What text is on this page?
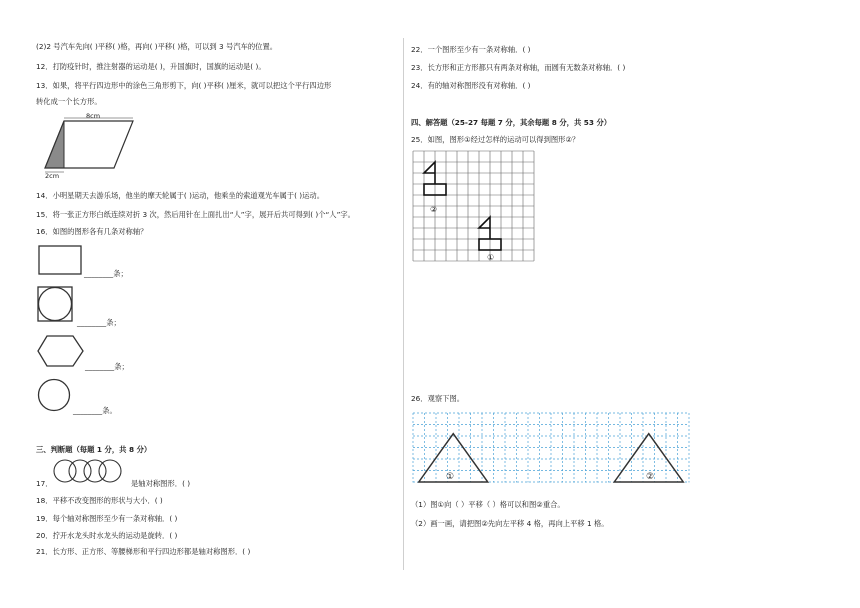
(2)2 号汽车先向( )平移( )格，再向( )平移( )格，可以到 3 号汽车的位置。
12．打防疫针时，推注射器的运动是( )，升国旗时，国旗的运动是( )。
13．如果，将平行四边形中的涂色三角形剪下，向( )平移( )厘米，就可以把这个平行四边形
转化成一个长方形。
8cm
2cm
14．小明星期天去游乐场，他坐的摩天轮属于( )运动，他乘坐的索道观光车属于( )运动。
15．将一张正方形白纸连续对折 3 次，然后用针在上面扎出“人”字，展开后共可得到( )个“人”字。
16．如图的图形各有几条对称轴？
________条；
________条；
________条；
________条。
三、判断题（每题 1 分，共 8 分）
17．	是轴对称图形．( )
18．平移不改变图形的形状与大小．( )
19．每个轴对称图形至少有一条对称轴．( )
20．拧开水龙头时水龙头的运动是旋转．( )
21．长方形、正方形、等腰梯形和平行四边形都是轴对称图形．( )
22．一个图形至少有一条对称轴．( )
23．长方形和正方形都只有两条对称轴，而圆有无数条对称轴．( )
24．有的轴对称图形没有对称轴．( )
四、解答题（25-27 每题 7 分，其余每题 8 分，共 53 分）
25．如图，图形①经过怎样的运动可以得到图形②？
②
①
26．观察下图。
①	②
（1）图①向（ ）平移（ ）格可以和图②重合。
（2）画一画，请把图②先向左平移 4 格，再向上平移 1 格。
